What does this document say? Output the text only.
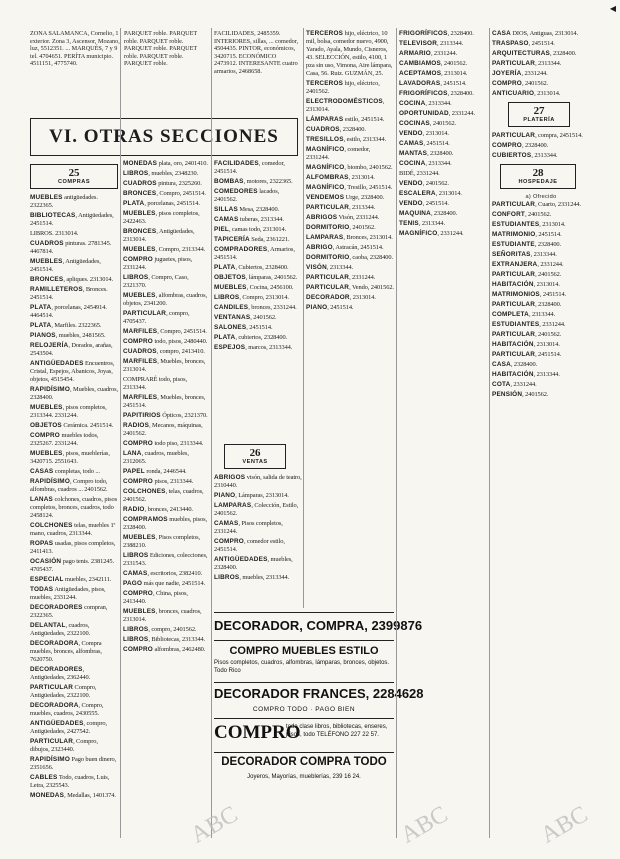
◀
ZONA SALAMANCA, Cornelio, 1 exterior. Zona 3, Ascensor, Mozano, luz, 5512351. ... MARQUÉS, 7 y 9 tel. 4704651. PERÍTA municipio. 4511151, 4775740.
PARQUET roble. PARQUET roble. PARQUET roble. PARQUET roble. PARQUET roble. PARQUET roble. PARQUET roble.
FACILIDADES, 2485359. INTERIORES, sillas, ... comedor, 4504435. PINTOR, económicos, 3420715. ECONÓMICO 2473912. INTERESANTE cuatro armarios, 2468658.
VI. OTRAS SECCIONES
25
COMPRAS
MUEBLES antigüedades. 2322365.
BIBLIOTECAS, Antigüedades, 2451514.
LIBROS. 2313014.
CUADROS pinturas. 2781345. 4467814.
MUEBLES, Antigüedades, 2451514.
BRONCES, apliques. 2313014.
RAMILLETEROS, Bronces. 2451514.
PLATA, porcelanas, 2454914. 4464514.
PLATA, Marfiles. 2322365.
PIANOS, muebles, 2481565.
RELOJERÍA, Dorados, arañas, 2543504.
ANTIGÜEDADES Encuentros, Cristal, Espejos, Abanicos, Joyas, objetos, 4515454.
RAPIDÍSIMO, Muebles, cuadros, 2328400.
MUEBLES, pisos completos, 2313344. 2331244.
OBJETOS Cerámica. 2451514.
COMPRO muebles todos, 2325267. 2331244.
MUEBLES, pisos, mueblerías, 3420715. 2551643.
CASAS completas, todo ...
RAPIDÍSIMO, Compro todo, alfombras, cuadros ... 2401562.
LANAS colchones, cuadros, pisos completos, bronces, cuadros, todo 2458124.
COLCHONES telas, muebles 1ª mano, cuadros, 2313344.
ROPAS usadas, pisos completos, 2411413.
OCASIÓN pago tenis. 2381245. 4705437.
ESPECIAL muebles, 2342111.
TODAS Antigüedades, pisos, muebles, 2331244.
DECORADORES compran, 2322365.
DELANTAL, cuadros, Antigüedades, 2322100.
DECORADORA, Compra muebles, bronces, alfombras, 7620750.
DECORADORES, Antigüedades, 2362440.
PARTICULAR Compro, Antigüedades, 2322100.
DECORADORA, Compro, muebles, cuadros, 2430555.
ANTIGÜEDADES, compro, Antigüedades, 2427542.
PARTICULAR, Compro, dibujos, 2323440.
RAPIDÍSIMO Pago buen dinero, 2351656.
CABLES Todo, cuadros, Luis, Letra, 2325543.
MONEDAS, Medallas, 1401374.
MONEDAS plata, oro, 2401410.
LIBROS, muebles, 2348230.
CUADROS pintura, 2325260.
BRONCES, Compro, 2451514.
PLATA, porcelanas, 2451514.
MUEBLES, pisos completos, 2422463.
BRONCES, Antigüedades, 2313014.
MUEBLES, Compro, 2313344.
COMPRO juguetes, pisos, 2331244.
LIBROS, Compro, Caso, 2321370.
MUEBLES, alfombras, cuadros, objetos, 2341200.
PARTICULAR, compro, 4705437.
MARFILES, Compro, 2451514.
COMPRO todo, pisos, 2480440.
CUADROS, compro, 2413410.
MARFILES, Muebles, bronces, 2313014.
COMPRARÉ todo, pisos, 2313344.
MARFILES, Muebles, bronces, 2451514.
PAPITIRIOS Ópticos, 2321370.
RADIOS, Mecanos, máquinas, 2401562.
COMPRO todo piso, 2313344.
LANA, cuadros, muebles, 2312065.
PAPEL ronda, 2446544.
COMPRO pisos, 2313344.
COLCHONES, telas, cuadros, 2401562.
RADIO, bronces, 2413440.
COMPRAMOS muebles, pisos, 2328400.
MUEBLES, Pisos completos, 2388210.
LIBROS Ediciones, colecciones, 2331543.
CAMAS, escritorios, 2382410.
PAGO más que nadie, 2451514.
COMPRO, China, pisos, 2413440.
MUEBLES, bronces, cuadros, 2313014.
LIBROS, compro, 2401562.
LIBROS, Bibliotecas, 2313344.
COMPRO alfombras, 2462480.
FACILIDADES, comedor, 2451514.
BOMBAS, motores, 2322365.
COMEDORES lacados, 2401562.
SILLAS Mesa, 2328400.
CAMAS tuberas, 2313344.
PIEL, camas todo, 2313014.
TAPICERÍA Seda, 2361221.
COMPRADORES, Armarios, 2451514.
PLATA, Cubiertos, 2328400.
OBJETOS, lámparas, 2401562.
MUEBLES, Cocina, 2456100.
LIBROS, Compro, 2313014.
CANDILES, bronces, 2331244.
VENTANAS, 2401562.
SALONES, 2451514.
PLATA, cubiertos, 2328400.
ESPEJOS, marcos, 2313344.
26
VENTAS
ABRIGOS visón, salida de teatro, 2310440.
PIANO, Lámparas, 2313014.
LAMPARAS, Colección, Estilo, 2401562.
CAMAS, Pisos completos, 2331244.
COMPRO, comedor estilo, 2451514.
ANTIGÜEDADES, muebles, 2328400.
LIBROS, muebles, 2313344.
TERCEROS hijo, eléctrico, 10 mil, bolsa, comedor nuevo, 4900, Yarado, Ayala, Mundo, Cisneros, 43. SELECCIÓN, estilo, 4100, 1 pza sin uso, Vimona, Aire lámpara, Casa, 56. Ruiz. GUZMÁN, 25.
TERCEROS hijo, eléctrico, 2401562.
ELECTRODOMÉSTICOS, 2313014.
LÁMPARAS estilo, 2451514.
CUADROS, 2328400.
TRESILLOS, estilo, 2313344.
MAGNÍFICO, comedor, 2331244.
MAGNÍFICO, biombo, 2401562.
ALFOMBRAS, 2313014.
MAGNÍFICO, Tresillo, 2451514.
VENDEMOS Urge, 2328400.
PARTICULAR, 2313344.
ABRIGOS Visón, 2331244.
DORMITORIO, 2401562.
LAMPARAS, Bronces, 2313014.
ABRIGO, Astracán, 2451514.
DORMITORIO, caoba, 2328400.
VISÓN, 2313344.
PARTICULAR, 2331244.
PARTICULAR, Vendo, 2401562.
DECORADOR, 2313014.
PIANO, 2451514.
FRIGORÍFICOS, 2328400.
TELEVISOR, 2313344.
ARMARIO, 2331244.
CAMBIAMOS, 2401562.
ACEPTAMOS, 2313014.
LAVADORAS, 2451514.
FRIGORÍFICOS, 2328400.
COCINA, 2313344.
OPORTUNIDAD, 2331244.
COCINAS, 2401562.
VENDO, 2313014.
CAMAS, 2451514.
MANTAS, 2328400.
COCINA, 2313344.
BIDÉ, 2331244.
VENDO, 2401562.
ESCALERA, 2313014.
VENDO, 2451514.
MAQUINA, 2328400.
TENIS, 2313344.
MAGNÍFICO, 2331244.
CASA DIOS, Antiguas, 2313014.
TRASPASO, 2451514.
ARQUITECTURAS, 2328400.
PARTICULAR, 2313344.
JOYERÍA, 2331244.
COMPRO, 2401562.
ANTICUARIO, 2313014.
27
PLATERÍA
PARTICULAR, compra, 2451514.
COMPRO, 2328400.
CUBIERTOS, 2313344.
28
HOSPEDAJE
a) Ofrecido
PARTICULAR, Cuarto, 2331244.
CONFORT, 2401562.
ESTUDIANTES, 2313014.
MATRIMONIO, 2451514.
ESTUDIANTE, 2328400.
SEÑORITAS, 2313344.
EXTRANJERA, 2331244.
PARTICULAR, 2401562.
HABITACIÓN, 2313014.
MATRIMONIOS, 2451514.
PARTICULAR, 2328400.
COMPLETA, 2313344.
ESTUDIANTES, 2331244.
PARTICULAR, 2401562.
HABITACIÓN, 2313014.
PARTICULAR, 2451514.
CASA, 2328400.
HABITACIÓN, 2313344.
COTA, 2331244.
PENSIÓN, 2401562.
DECORADOR, COMPRA, 2399876
COMPRO MUEBLES ESTILO
Pisos completos, cuadros, alfombras, lámparas, bronces, objetos. Todo Rico
DECORADOR FRANCES, 2284628
COMPRO TODO · PAGO BIEN
COMPRO
toda clase libros, bibliotecas, enseres, pisos, todo TELÉFONO 227 22 57.
DECORADOR COMPRA TODO
Joyeros, Mayorías, mueblerías, 239 16 24.
ABC	ABC	ABC
